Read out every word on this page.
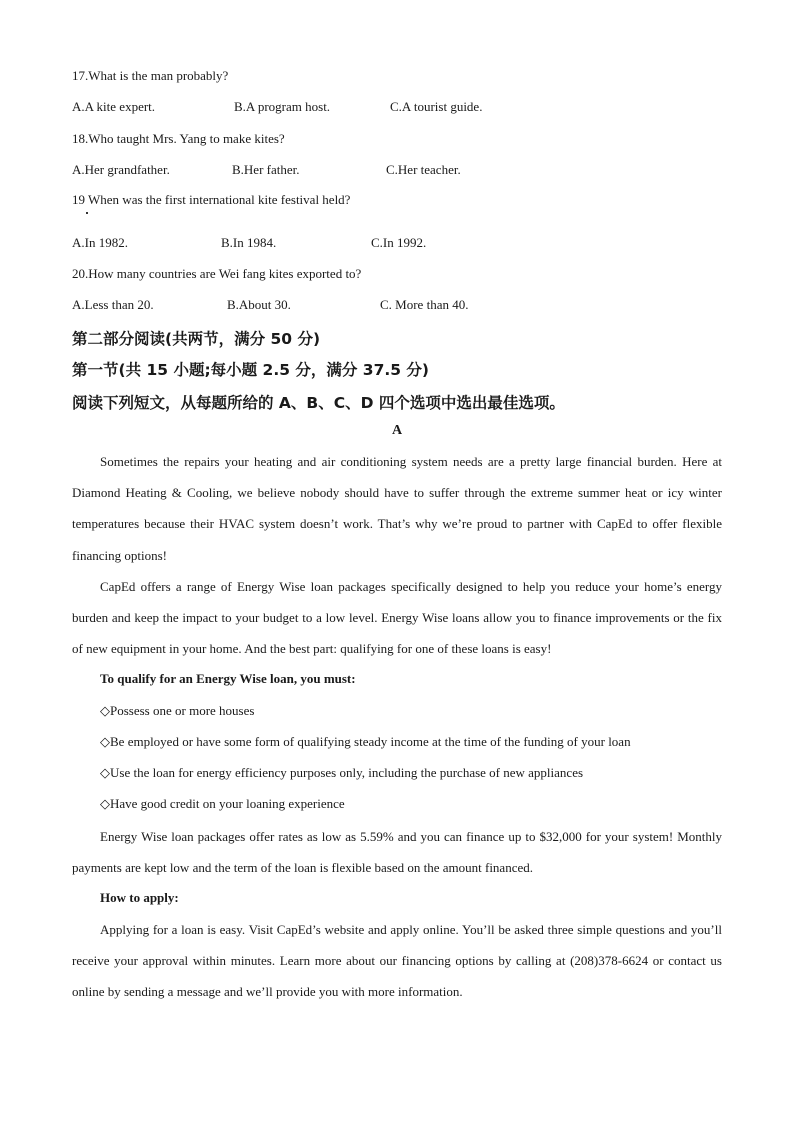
17.What is the man probably?
A.A kite expert.	B.A program host.	C.A tourist guide.
18.Who taught Mrs. Yang to make kites?
A.Her grandfather.	B.Her father.	C.Her teacher.
19 When was the first international kite festival held?
A.In 1982.	B.In 1984.	C.In 1992.
20.How many countries are Wei fang kites exported to?
A.Less than 20.	B.About 30.	C. More than 40.
第二部分阅读(共两节，满分 50 分)
第一节(共 15 小题;每小题 2.5 分，满分 37.5 分)
阅读下列短文，从每题所给的 A、B、C、D 四个选项中选出最佳选项。
A

Sometimes the repairs your heating and air conditioning system needs are a pretty large financial burden. Here at Diamond Heating & Cooling, we believe nobody should have to suffer through the extreme summer heat or icy winter temperatures because their HVAC system doesn’t work. That’s why we’re proud to partner with CapEd to offer flexible financing options!

CapEd offers a range of Energy Wise loan packages specifically designed to help you reduce your home’s energy burden and keep the impact to your budget to a low level. Energy Wise loans allow you to finance improvements or the fix of new equipment in your home. And the best part: qualifying for one of these loans is easy!

To qualify for an Energy Wise loan, you must:
◇Possess one or more houses
◇Be employed or have some form of qualifying steady income at the time of the funding of your loan
◇Use the loan for energy efficiency purposes only, including the purchase of new appliances
◇Have good credit on your loaning experience

Energy Wise loan packages offer rates as low as 5.59% and you can finance up to $32,000 for your system! Monthly payments are kept low and the term of the loan is flexible based on the amount financed.

How to apply:

Applying for a loan is easy. Visit CapEd’s website and apply online. You’ll be asked three simple questions and you’ll receive your approval within minutes. Learn more about our financing options by calling at (208)378-6624 or contact us online by sending a message and we’ll provide you with more information.
